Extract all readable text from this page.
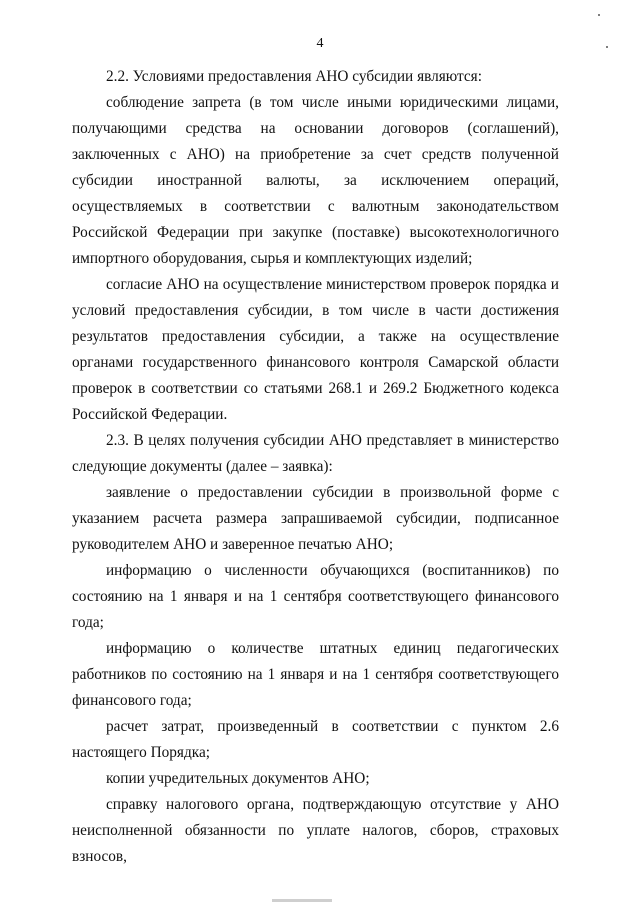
4

2.2. Условиями предоставления АНО субсидии являются:

соблюдение запрета (в том числе иными юридическими лицами, получающими средства на основании договоров (соглашений), заключенных с АНО) на приобретение за счет средств полученной субсидии иностранной валюты, за исключением операций, осуществляемых в соответствии с валютным законодательством Российской Федерации при закупке (поставке) высокотехнологичного импортного оборудования, сырья и комплектующих изделий;

согласие АНО на осуществление министерством проверок порядка и условий предоставления субсидии, в том числе в части достижения результатов предоставления субсидии, а также на осуществление органами государственного финансового контроля Самарской области проверок в соответствии со статьями 268.1 и 269.2 Бюджетного кодекса Российской Федерации.

2.3. В целях получения субсидии АНО представляет в министерство следующие документы (далее – заявка):

заявление о предоставлении субсидии в произвольной форме с указанием расчета размера запрашиваемой субсидии, подписанное руководителем АНО и заверенное печатью АНО;

информацию о численности обучающихся (воспитанников) по состоянию на 1 января и на 1 сентября соответствующего финансового года;

информацию о количестве штатных единиц педагогических работников по состоянию на 1 января и на 1 сентября соответствующего финансового года;

расчет затрат, произведенный в соответствии с пунктом 2.6 настоящего Порядка;

копии учредительных документов АНО;

справку налогового органа, подтверждающую отсутствие у АНО неисполненной обязанности по уплате налогов, сборов, страховых взносов,
